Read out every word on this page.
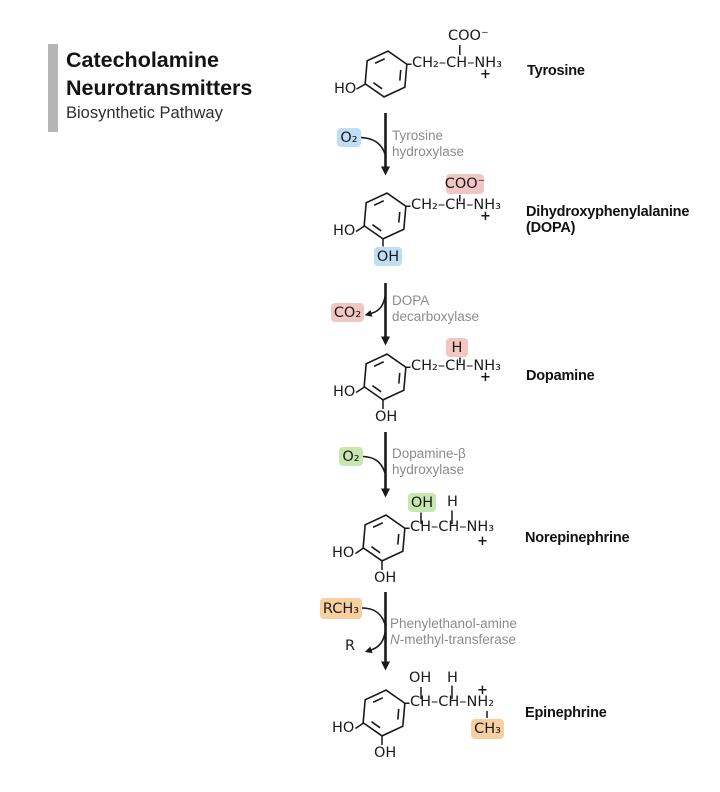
Catecholamine
Neurotransmitters
Biosynthetic Pathway
COO⁻
CH₂–CH–NH₃
+
HO
Tyrosine
O₂	Tyrosine
hydroxylase
COO⁻
CH₂–CH–NH₃
+
HO
OH
Dihydroxyphenylalanine
(DOPA)
CO₂
DOPA
decarboxylase
H
CH₂–CH–NH₃
+
HO
OH
Dopamine
O₂ Dopamine-β
hydroxylase
OH H
CH–CH–NH₃
+
HO
OH
Norepinephrine
RCH₃
R
Phenylethanol-amine
N-methyl-transferase
OH H
+
CH–CH–NH₂
CH₃
HO
OH
Epinephrine
